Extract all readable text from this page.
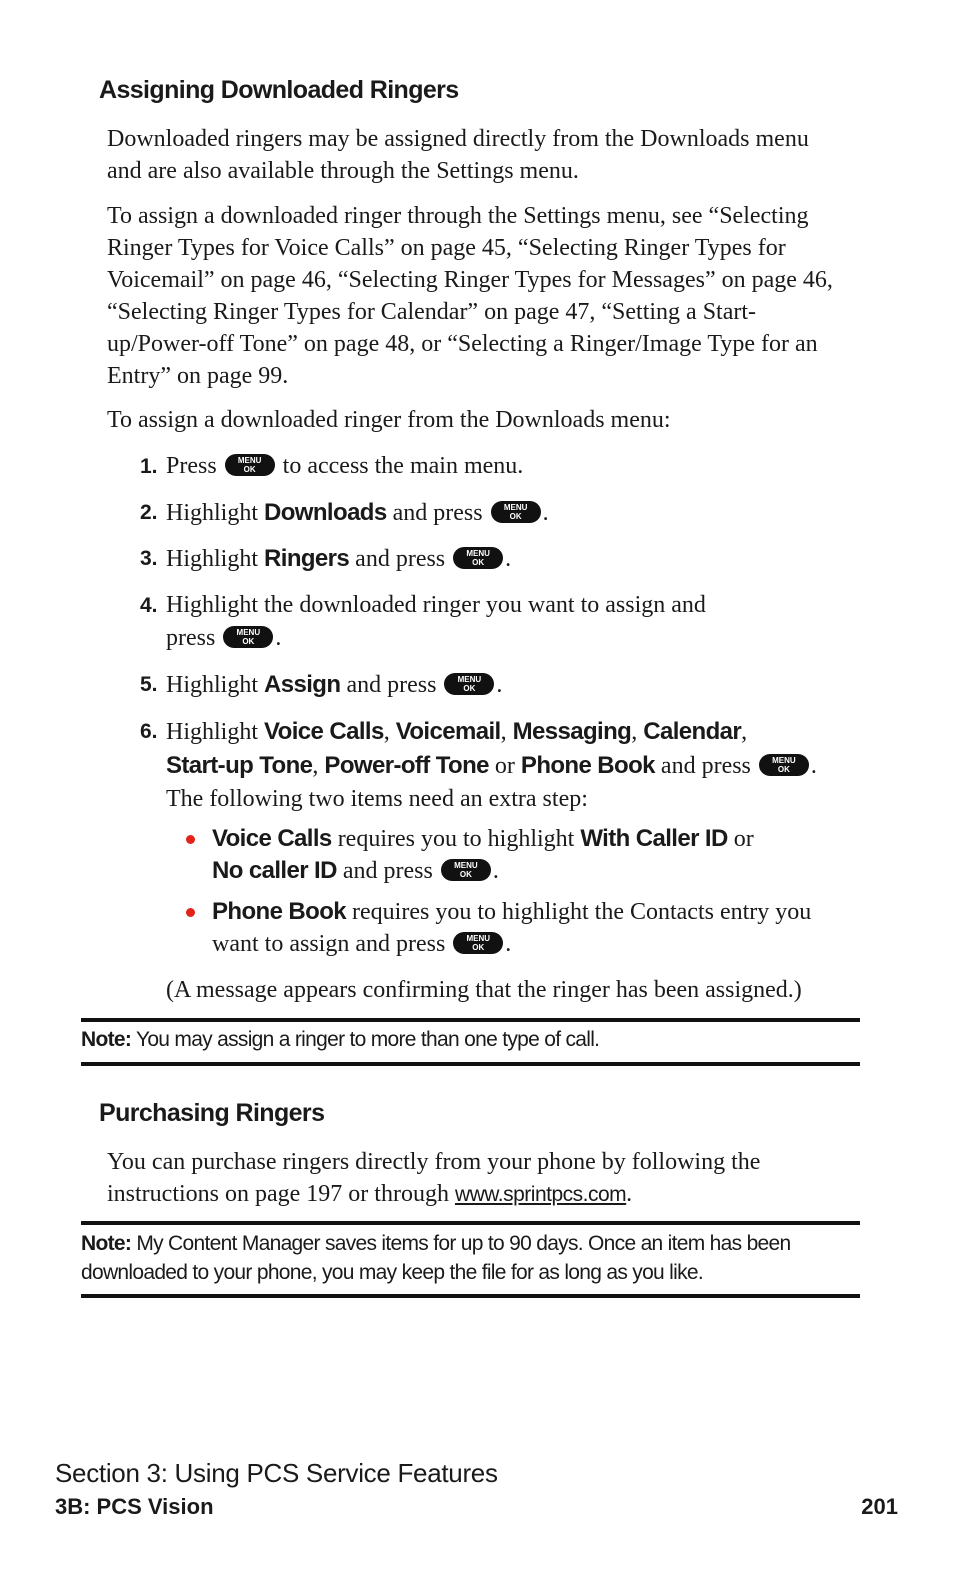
Assigning Downloaded Ringers

Downloaded ringers may be assigned directly from the Downloads menu and are also available through the Settings menu.

To assign a downloaded ringer through the Settings menu, see “Selecting Ringer Types for Voice Calls” on page 45, “Selecting Ringer Types for Voicemail” on page 46, “Selecting Ringer Types for Messages” on page 46, “Selecting Ringer Types for Calendar” on page 47, “Setting a Start-up/Power-off Tone” on page 48, or “Selecting a Ringer/Image Type for an Entry” on page 99.

To assign a downloaded ringer from the Downloads menu:

1. Press	MENU
OK	to access the main menu.
2. Highlight Downloads and press	MENU
OK .
3. Highlight Ringers and press	MENU
OK .
4. Highlight the downloaded ringer you want to assign and
press	MENU
OK .
5. Highlight Assign and press	MENU
OK .
6. Highlight Voice Calls, Voicemail, Messaging, Calendar,
Start-up Tone, Power-off Tone or Phone Book and press	MENU
OK .
The following two items need an extra step:
Voice Calls requires you to highlight With Caller ID or
No caller ID and press	MENU
OK .
Phone Book requires you to highlight the Contacts entry you want to assign and press	MENU
OK .

(A message appears confirming that the ringer has been assigned.)

Note: You may assign a ringer to more than one type of call.
Purchasing Ringers

You can purchase ringers directly from your phone by following the instructions on page 197 or through www.sprintpcs.com.

Note: My Content Manager saves items for up to 90 days. Once an item has been downloaded to your phone, you may keep the file for as long as you like.
Section 3: Using PCS Service Features
3B: PCS Vision	201
